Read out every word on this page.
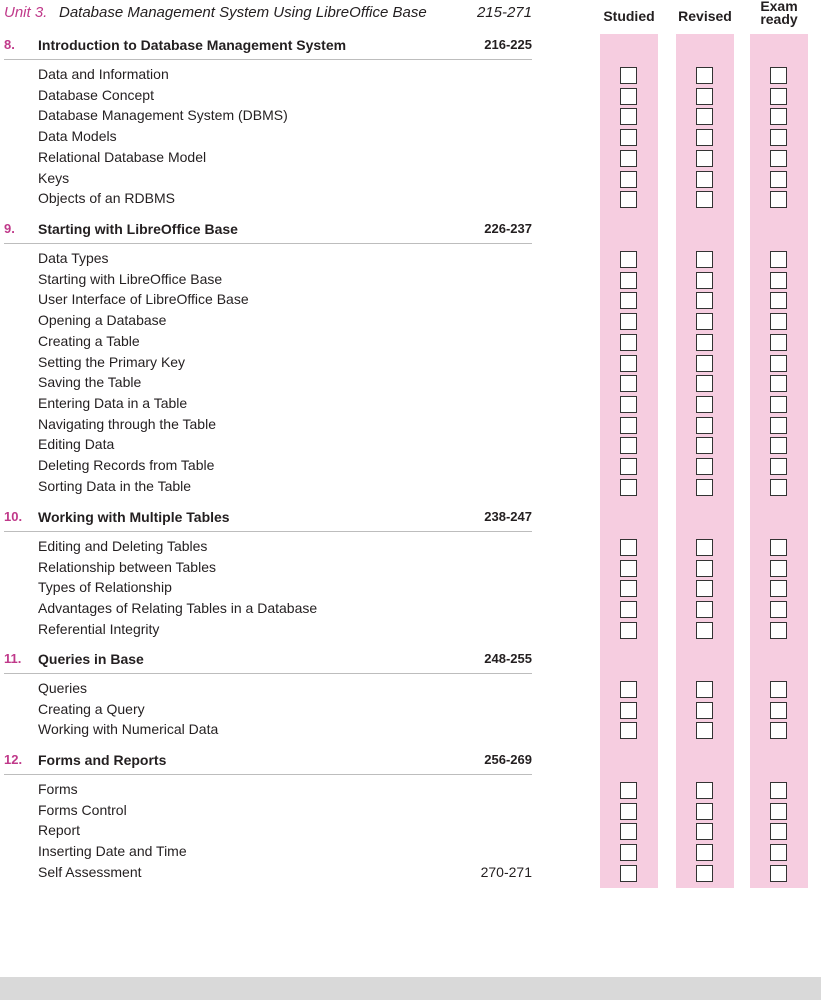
Unit 3. Database Management System Using LibreOffice Base	215-271	Studied Revised
Exam
ready
8. Introduction to Database Management System	216-225
Data and Information
Database Concept
Database Management System (DBMS)
Data Models
Relational Database Model
Keys
Objects of an RDBMS
9. Starting with LibreOffice Base	226-237
Data Types
Starting with LibreOffice Base
User Interface of LibreOffice Base
Opening a Database
Creating a Table
Setting the Primary Key
Saving the Table
Entering Data in a Table
Navigating through the Table
Editing Data
Deleting Records from Table
Sorting Data in the Table
10. Working with Multiple Tables	238-247
Editing and Deleting Tables
Relationship between Tables
Types of Relationship
Advantages of Relating Tables in a Database
Referential Integrity
11. Queries in Base	248-255
Queries
Creating a Query
Working with Numerical Data
12. Forms and Reports	256-269
Forms
Forms Control
Report
Inserting Date and Time
Self Assessment	270-271
